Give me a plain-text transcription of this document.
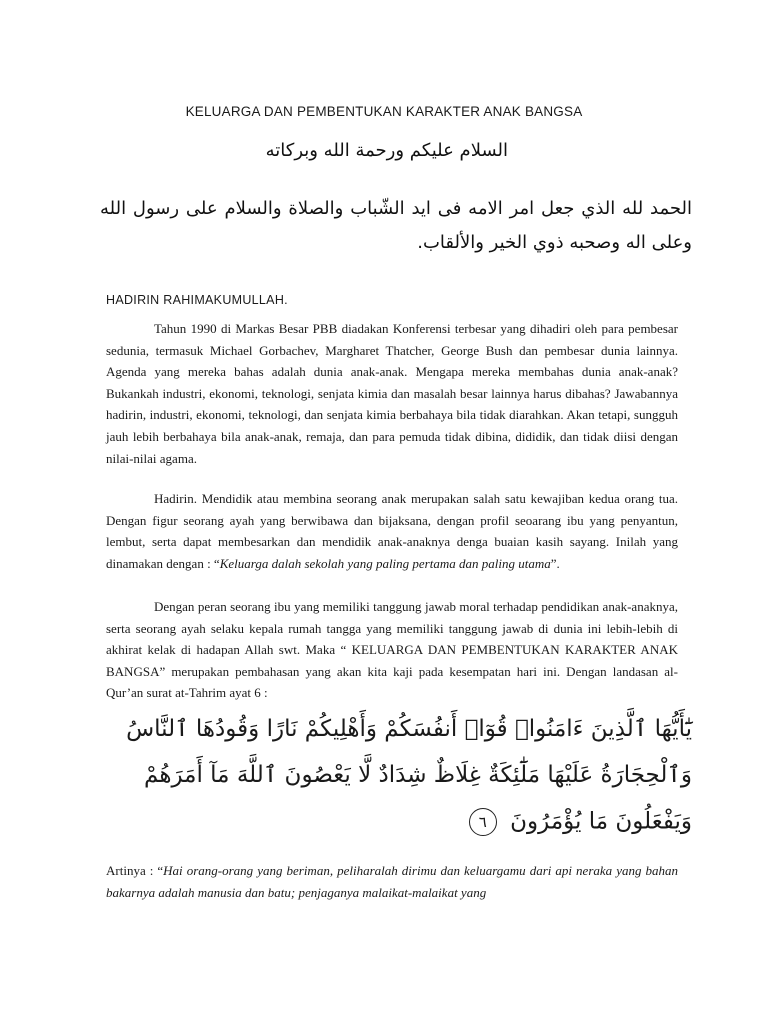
KELUARGA DAN PEMBENTUKAN KARAKTER ANAK BANGSA
السلام عليكم ورحمة الله وبركاته
الحمد لله الذي جعل امر الامه فى ايد الشّباب والصلاة والسلام على رسول الله
وعلى اله وصحبه ذوي الخير والألقاب.
HADIRIN RAHIMAKUMULLAH.

Tahun 1990 di Markas Besar PBB diadakan Konferensi terbesar yang dihadiri oleh para pembesar sedunia, termasuk Michael Gorbachev, Margharet Thatcher, George Bush dan pembesar dunia lainnya. Agenda yang mereka bahas adalah dunia anak-anak. Mengapa mereka membahas dunia anak-anak? Bukankah industri, ekonomi, teknologi, senjata kimia dan masalah besar lainnya harus dibahas? Jawabannya hadirin, industri, ekonomi, teknologi, dan senjata kimia berbahaya bila tidak diarahkan. Akan tetapi, sungguh jauh lebih berbahaya bila anak-anak, remaja, dan para pemuda tidak dibina, dididik, dan tidak diisi dengan nilai-nilai agama.

Hadirin. Mendidik atau membina seorang anak merupakan salah satu kewajiban kedua orang tua. Dengan figur seorang ayah yang berwibawa dan bijaksana, dengan profil seoarang ibu yang penyantun, lembut, serta dapat membesarkan dan mendidik anak-anaknya denga buaian kasih sayang. Inilah yang dinamakan dengan : “Keluarga dalah sekolah yang paling pertama dan paling utama”.

Dengan peran seorang ibu yang memiliki tanggung jawab moral terhadap pendidikan anak-anaknya, serta seorang ayah selaku kepala rumah tangga yang memiliki tanggung jawab di dunia ini lebih-lebih di akhirat kelak di hadapan Allah swt. Maka “ KELUARGA DAN PEMBENTUKAN KARAKTER ANAK BANGSA” merupakan pembahasan yang akan kita kaji pada kesempatan hari ini. Dengan landasan al-Qur’an surat at-Tahrim ayat 6 :

يَٰٓأَيُّهَا ٱلَّذِينَ ءَامَنُوا۟ قُوٓا۟ أَنفُسَكُمْ وَأَهْلِيكُمْ نَارًا وَقُودُهَا ٱلنَّاسُ
وَٱلْحِجَارَةُ عَلَيْهَا مَلَٰٓئِكَةٌ غِلَاظٌ شِدَادٌ لَّا يَعْصُونَ ٱللَّهَ مَآ أَمَرَهُمْ
وَيَفْعَلُونَ مَا يُؤْمَرُونَ ٦

Artinya : “Hai orang-orang yang beriman, peliharalah dirimu dan keluargamu dari api neraka yang bahan bakarnya adalah manusia dan batu; penjaganya malaikat-malaikat yang
